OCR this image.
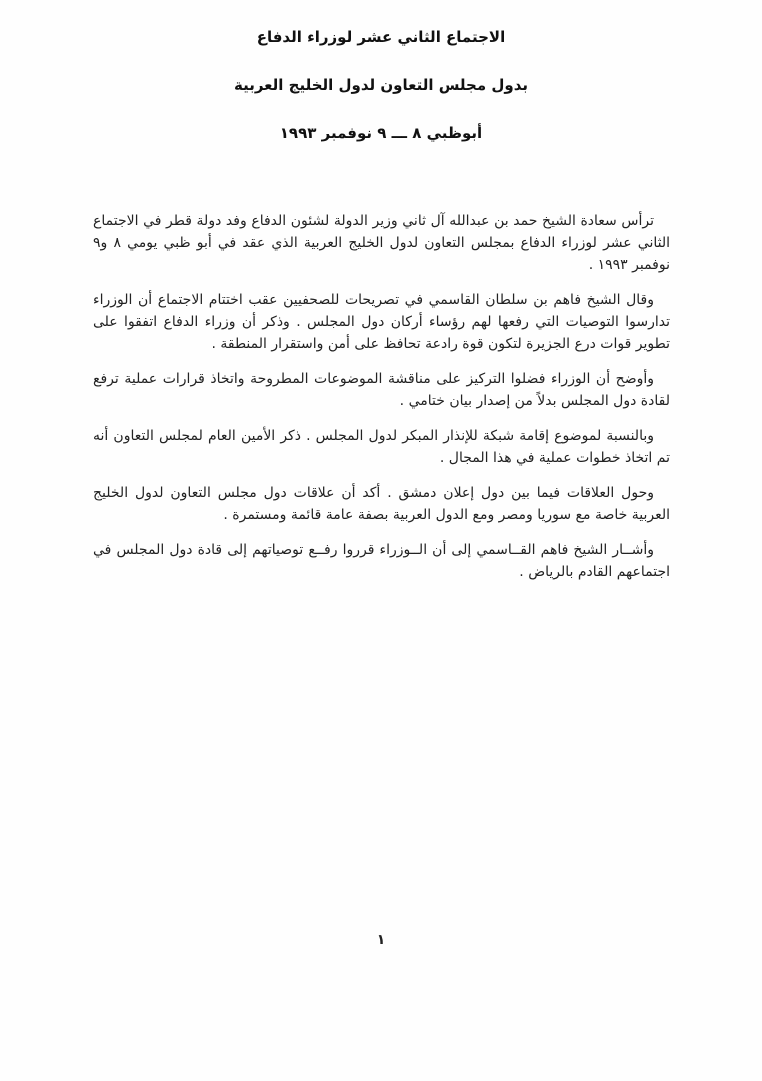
الاجتماع الثاني عشر لوزراء الدفاع
بدول مجلس التعاون لدول الخليج العربية
أبوظبي ٨ ـــ ٩ نوفمبر ١٩٩٣

ترأس سعادة الشيخ حمد بن عبدالله آل ثاني وزير الدولة لشئون الدفاع وفد دولة قطر في الاجتماع الثاني عشر لوزراء الدفاع بمجلس التعاون لدول الخليج العربية الذي عقد في أبو ظبي يومي ٨ و٩ نوفمبر ١٩٩٣ .

وقال الشيخ فاهم بن سلطان القاسمي في تصريحات للصحفيين عقب اختتام الاجتماع أن الوزراء تدارسوا التوصيات التي رفعها لهم رؤساء أركان دول المجلس . وذكر أن وزراء الدفاع اتفقوا على تطوير قوات درع الجزيرة لتكون قوة رادعة تحافظ على أمن واستقرار المنطقة .

وأوضح أن الوزراء فضلوا التركيز على مناقشة الموضوعات المطروحة واتخاذ قرارات عملية ترفع لقادة دول المجلس بدلاً من إصدار بيان ختامي .

وبالنسبة لموضوع إقامة شبكة للإنذار المبكر لدول المجلس . ذكر الأمين العام لمجلس التعاون أنه تم اتخاذ خطوات عملية في هذا المجال .

وحول العلاقات فيما بين دول إعلان دمشق . أكد أن علاقات دول مجلس التعاون لدول الخليج العربية خاصة مع سوريا ومصر ومع الدول العربية بصفة عامة قائمة ومستمرة .

وأشــار الشيخ فاهم القــاسمي إلى أن الــوزراء قرروا رفــع توصياتهم إلى قادة دول المجلس في اجتماعهم القادم بالرياض .

١
